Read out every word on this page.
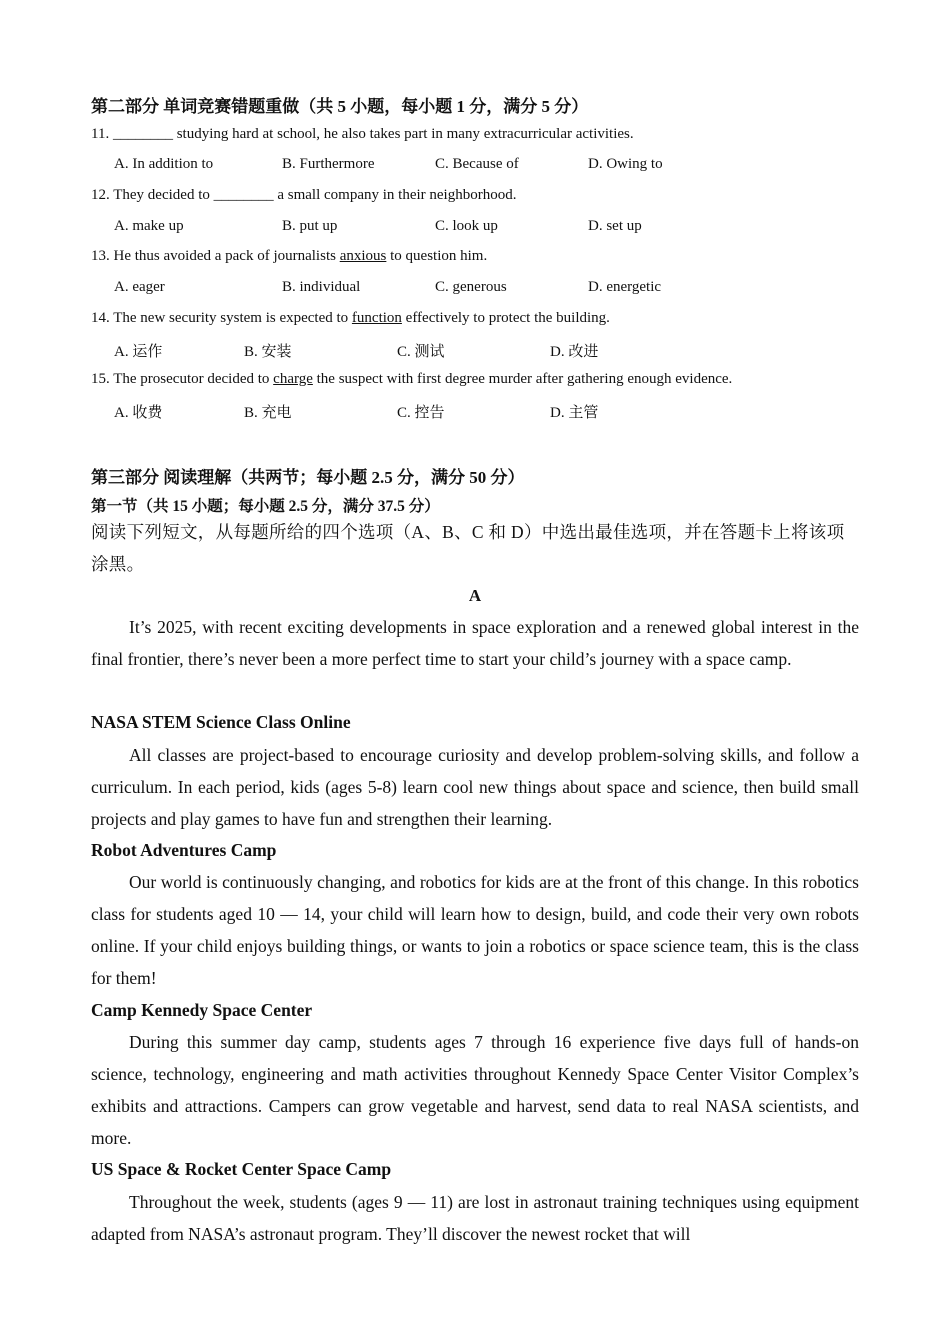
第二部分 单词竞赛错题重做（共 5 小题，每小题 1 分，满分 5 分）
11. ________ studying hard at school, he also takes part in many extracurricular activities.
A. In addition to	B. Furthermore	C. Because of	D. Owing to
12. They decided to ________ a small company in their neighborhood.
A. make up	B. put up	C. look up	D. set up
13. He thus avoided a pack of journalists anxious to question him.
A. eager	B. individual	C. generous	D. energetic
14. The new security system is expected to function effectively to protect the building.
A. 运作	B. 安装	C. 测试	D. 改进
15. The prosecutor decided to charge the suspect with first degree murder after gathering enough evidence.
A. 收费	B. 充电	C. 控告	D. 主管
第三部分 阅读理解（共两节；每小题 2.5 分，满分 50 分）
第一节（共 15 小题；每小题 2.5 分，满分 37.5 分）
阅读下列短文，从每题所给的四个选项（A、B、C 和 D）中选出最佳选项，并在答题卡上将该项涂黑。
A
It’s 2025, with recent exciting developments in space exploration and a renewed global interest in the final frontier, there’s never been a more perfect time to start your child’s journey with a space camp.
NASA STEM Science Class Online
All classes are project-based to encourage curiosity and develop problem-solving skills, and follow a curriculum. In each period, kids (ages 5-8) learn cool new things about space and science, then build small projects and play games to have fun and strengthen their learning.
Robot Adventures Camp
Our world is continuously changing, and robotics for kids are at the front of this change. In this robotics class for students aged 10 — 14, your child will learn how to design, build, and code their very own robots online. If your child enjoys building things, or wants to join a robotics or space science team, this is the class for them!
Camp Kennedy Space Center
During this summer day camp, students ages 7 through 16 experience five days full of hands-on science, technology, engineering and math activities throughout Kennedy Space Center Visitor Complex’s exhibits and attractions. Campers can grow vegetable and harvest, send data to real NASA scientists, and more.
US Space & Rocket Center Space Camp
Throughout the week, students (ages 9 — 11) are lost in astronaut training techniques using equipment adapted from NASA’s astronaut program. They’ll discover the newest rocket that will
